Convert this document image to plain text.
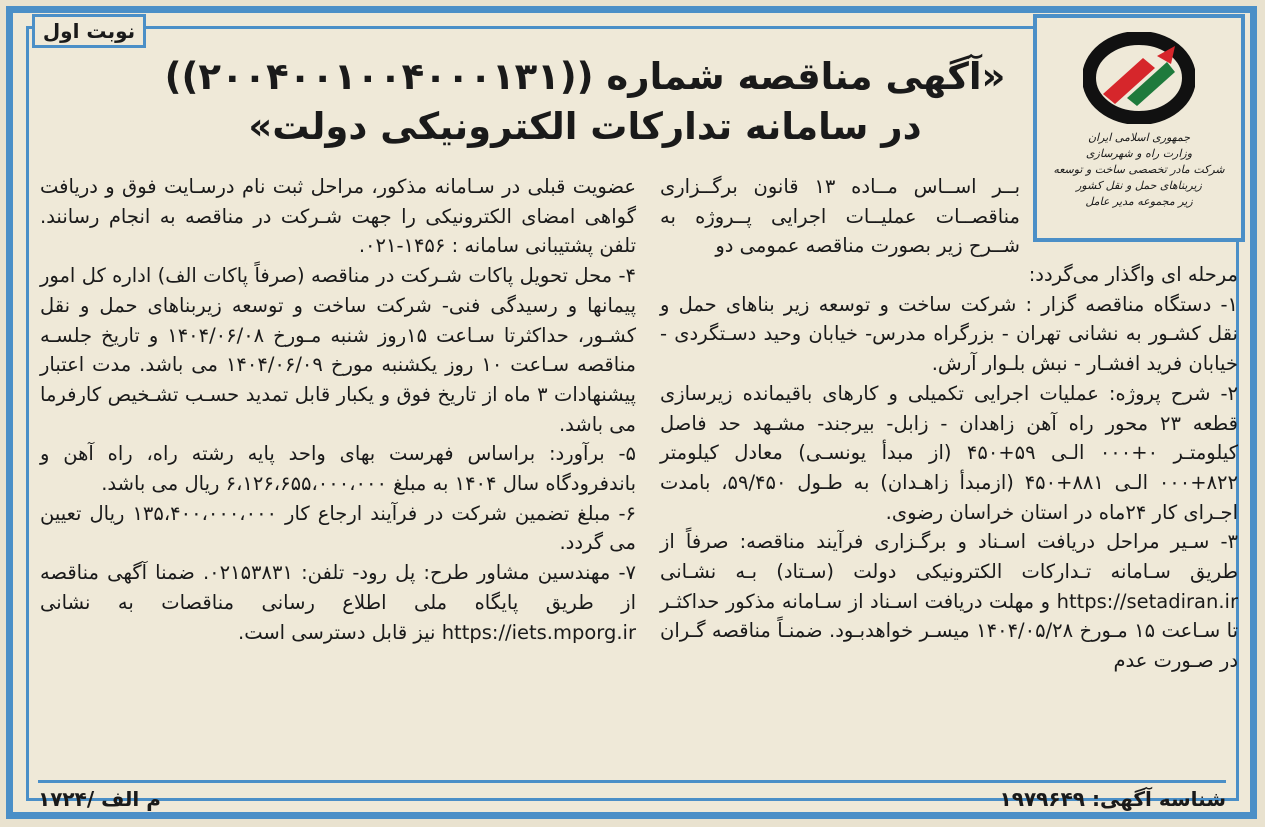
نوبت اول
جمهوری اسلامی ایران
وزارت راه و شهرسازی
شرکت مادر تخصصی ساخت و توسعه زیربناهای حمل و نقل کشور
زیر مجموعه مدیر عامل
«آگهی مناقصه شماره ((۲۰۰۴۰۰۱۰۰۴۰۰۰۱۳۱))
در سامانه تدارکات الکترونیکی دولت»

بــر اســاس مــاده ۱۳ قانون برگــزاری مناقصــات عملیــات اجرایی پــروژه به شــرح زیر بصورت مناقصه عمومی دو

مرحله ای واگذار می‌گردد:

۱- دستگاه مناقصه گزار : شرکت ساخت و توسعه زیر بناهای حمل و نقل کشـور به نشانی تهران - بزرگراه مدرس- خیابان وحید دسـتگردی - خیابان فرید افشـار - نبش بلـوار آرش.

۲- شرح پروژه: عملیات اجرایی تکمیلی و کارهای باقیمانده زیرسازی قطعه ۲۳ محور راه آهن زاهدان - زابل- بیرجند- مشـهد حد فاصل کیلومتـر ۰+۰۰۰ الـی ۵۹+۴۵۰ (از مبدأ یونسـی) معادل کیلومتر ۸۲۲+۰۰۰ الـی ۸۸۱+۴۵۰ (ازمبدأ زاهـدان) به طـول ۵۹/۴۵۰، بامدت اجـرای کار ۲۴ماه در استان خراسان رضوی.

۳- سـیر مراحل دریافت اسـناد و برگـزاری فرآیند مناقصه: صرفاً از طریق سـامانه تـدارکات الکترونیکی دولت (سـتاد) بـه نشـانی https://setadiran.ir و مهلت دریافت اسـناد از سـامانه مذکور حداکثـر تا سـاعت ۱۵ مـورخ ۱۴۰۴/۰۵/۲۸ میسـر خواهدبـود. ضمنـاً مناقصه گـران در صـورت عدم

عضویت قبلی در سـامانه مذکور، مراحل ثبت نام درسـایت فوق و دریافت گواهی امضای الکترونیکی را جهت شـرکت در مناقصه به انجام رسانند. تلفن پشتیبانی سامانه : ۱۴۵۶-۰۲۱.

۴- محل تحویل پاکات شـرکت در مناقصه (صرفاً پاکات الف) اداره کل امور پیمانها و رسیدگی فنی- شرکت ساخت و توسعه زیربناهای حمل و نقل کشـور، حداکثرتا سـاعت ۱۵روز شنبه مـورخ ۱۴۰۴/۰۶/۰۸ و تاریخ جلسـه مناقصه سـاعت ۱۰ روز یکشنبه مورخ ۱۴۰۴/۰۶/۰۹ می باشد. مدت اعتبار پیشنهادات ۳ ماه از تاریخ فوق و یکبار قابل تمدید حسـب تشـخیص کارفرما می باشد.

۵- برآورد: براساس فهرست بهای واحد پایه رشته راه، راه آهن و باندفرودگاه سال ۱۴۰۴ به مبلغ ۶،۱۲۶،۶۵۵،۰۰۰،۰۰۰ ریال می باشد.

۶- مبلغ تضمین شرکت در فرآیند ارجاع کار ۱۳۵،۴۰۰،۰۰۰،۰۰۰ ریال تعیین می گردد.

۷- مهندسین مشاور طرح: پل رود- تلفن: ۰۲۱۵۳۸۳۱. ضمنا آگهی مناقصه از طریق پایگاه ملی اطلاع رسانی مناقصات به نشانی https://iets.mporg.ir نیز قابل دسترسی است.

شناسه آگهی: ۱۹۷۹۶۴۹
م الف /۱۷۲۴
